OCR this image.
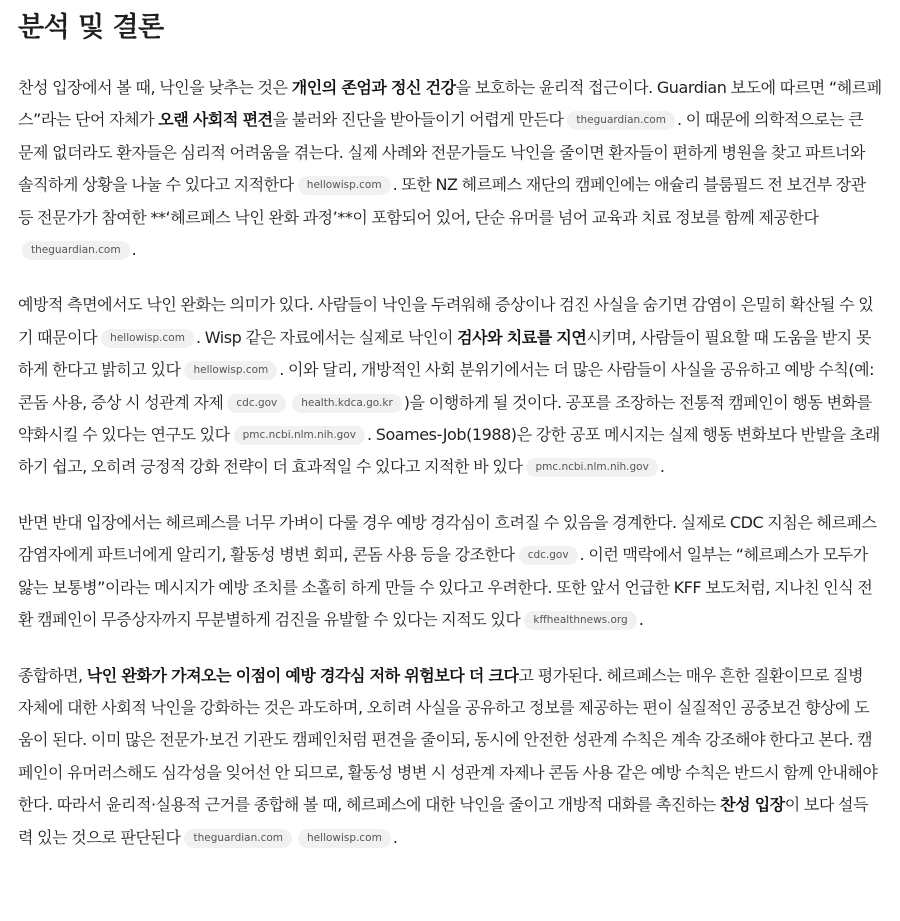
분석 및 결론

찬성 입장에서 볼 때, 낙인을 낮추는 것은 개인의 존엄과 정신 건강을 보호하는 윤리적 접근이다. Guardian 보도에 따르면 “헤르페스”라는 단어 자체가 오랜 사회적 편견을 불러와 진단을 받아들이기 어렵게 만든다 theguardian.com . 이 때문에 의학적으로는 큰 문제 없더라도 환자들은 심리적 어려움을 겪는다. 실제 사례와 전문가들도 낙인을 줄이면 환자들이 편하게 병원을 찾고 파트너와 솔직하게 상황을 나눌 수 있다고 지적한다 hellowisp.com . 또한 NZ 헤르페스 재단의 캠페인에는 애슐리 블룸필드 전 보건부 장관 등 전문가가 참여한 **‘헤르페스 낙인 완화 과정’**이 포함되어 있어, 단순 유머를 넘어 교육과 치료 정보를 함께 제공한다theguardian.com .

예방적 측면에서도 낙인 완화는 의미가 있다. 사람들이 낙인을 두려워해 증상이나 검진 사실을 숨기면 감염이 은밀히 확산될 수 있기 때문이다 hellowisp.com . Wisp 같은 자료에서는 실제로 낙인이 검사와 치료를 지연시키며, 사람들이 필요할 때 도움을 받지 못하게 한다고 밝히고 있다 hellowisp.com . 이와 달리, 개방적인 사회 분위기에서는 더 많은 사람들이 사실을 공유하고 예방 수칙(예: 콘돔 사용, 증상 시 성관계 자제 cdc.gov health.kdca.go.kr )을 이행하게 될 것이다. 공포를 조장하는 전통적 캠페인이 행동 변화를 약화시킬 수 있다는 연구도 있다 pmc.ncbi.nlm.nih.gov . Soames-Job(1988)은 강한 공포 메시지는 실제 행동 변화보다 반발을 초래하기 쉽고, 오히려 긍정적 강화 전략이 더 효과적일 수 있다고 지적한 바 있다 pmc.ncbi.nlm.nih.gov .

반면 반대 입장에서는 헤르페스를 너무 가벼이 다룰 경우 예방 경각심이 흐려질 수 있음을 경계한다. 실제로 CDC 지침은 헤르페스 감염자에게 파트너에게 알리기, 활동성 병변 회피, 콘돔 사용 등을 강조한다 cdc.gov . 이런 맥락에서 일부는 “헤르페스가 모두가 앓는 보통병”이라는 메시지가 예방 조치를 소홀히 하게 만들 수 있다고 우려한다. 또한 앞서 언급한 KFF 보도처럼, 지나친 인식 전환 캠페인이 무증상자까지 무분별하게 검진을 유발할 수 있다는 지적도 있다 kffhealthnews.org .

종합하면, 낙인 완화가 가져오는 이점이 예방 경각심 저하 위험보다 더 크다고 평가된다. 헤르페스는 매우 흔한 질환이므로 질병 자체에 대한 사회적 낙인을 강화하는 것은 과도하며, 오히려 사실을 공유하고 정보를 제공하는 편이 실질적인 공중보건 향상에 도움이 된다. 이미 많은 전문가·보건 기관도 캠페인처럼 편견을 줄이되, 동시에 안전한 성관계 수칙은 계속 강조해야 한다고 본다. 캠페인이 유머러스해도 심각성을 잊어선 안 되므로, 활동성 병변 시 성관계 자제나 콘돔 사용 같은 예방 수칙은 반드시 함께 안내해야 한다. 따라서 윤리적·실용적 근거를 종합해 볼 때, 헤르페스에 대한 낙인을 줄이고 개방적 대화를 촉진하는 찬성 입장이 보다 설득력 있는 것으로 판단된다 theguardian.com hellowisp.com .
